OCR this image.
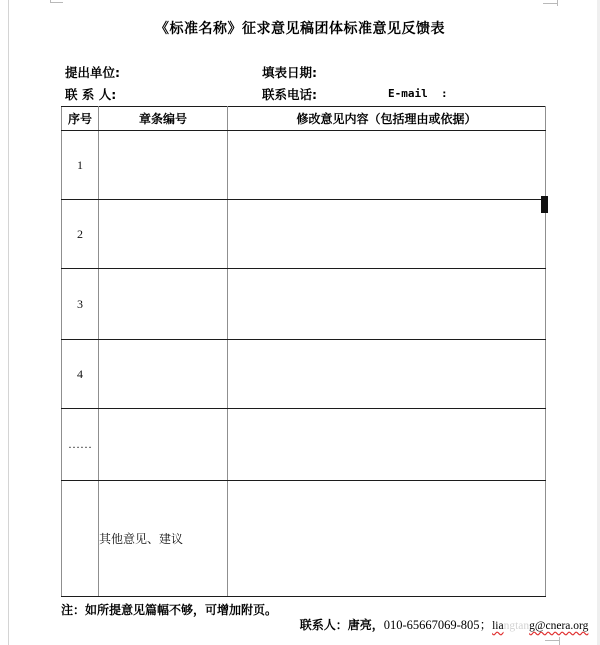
《标准名称》征求意见稿团体标准意见反馈表
提出单位:	填表日期:
联 系 人:	联系电话:	E-mail  :
序号	章条编号	修改意见内容（包括理由或依据）
1		
2		
3		
4		
……		
	其他意见、建议	
注：如所提意见篇幅不够，可增加附页。

联系人：唐亮，010-65667069-805；liangtang@cnera.org
